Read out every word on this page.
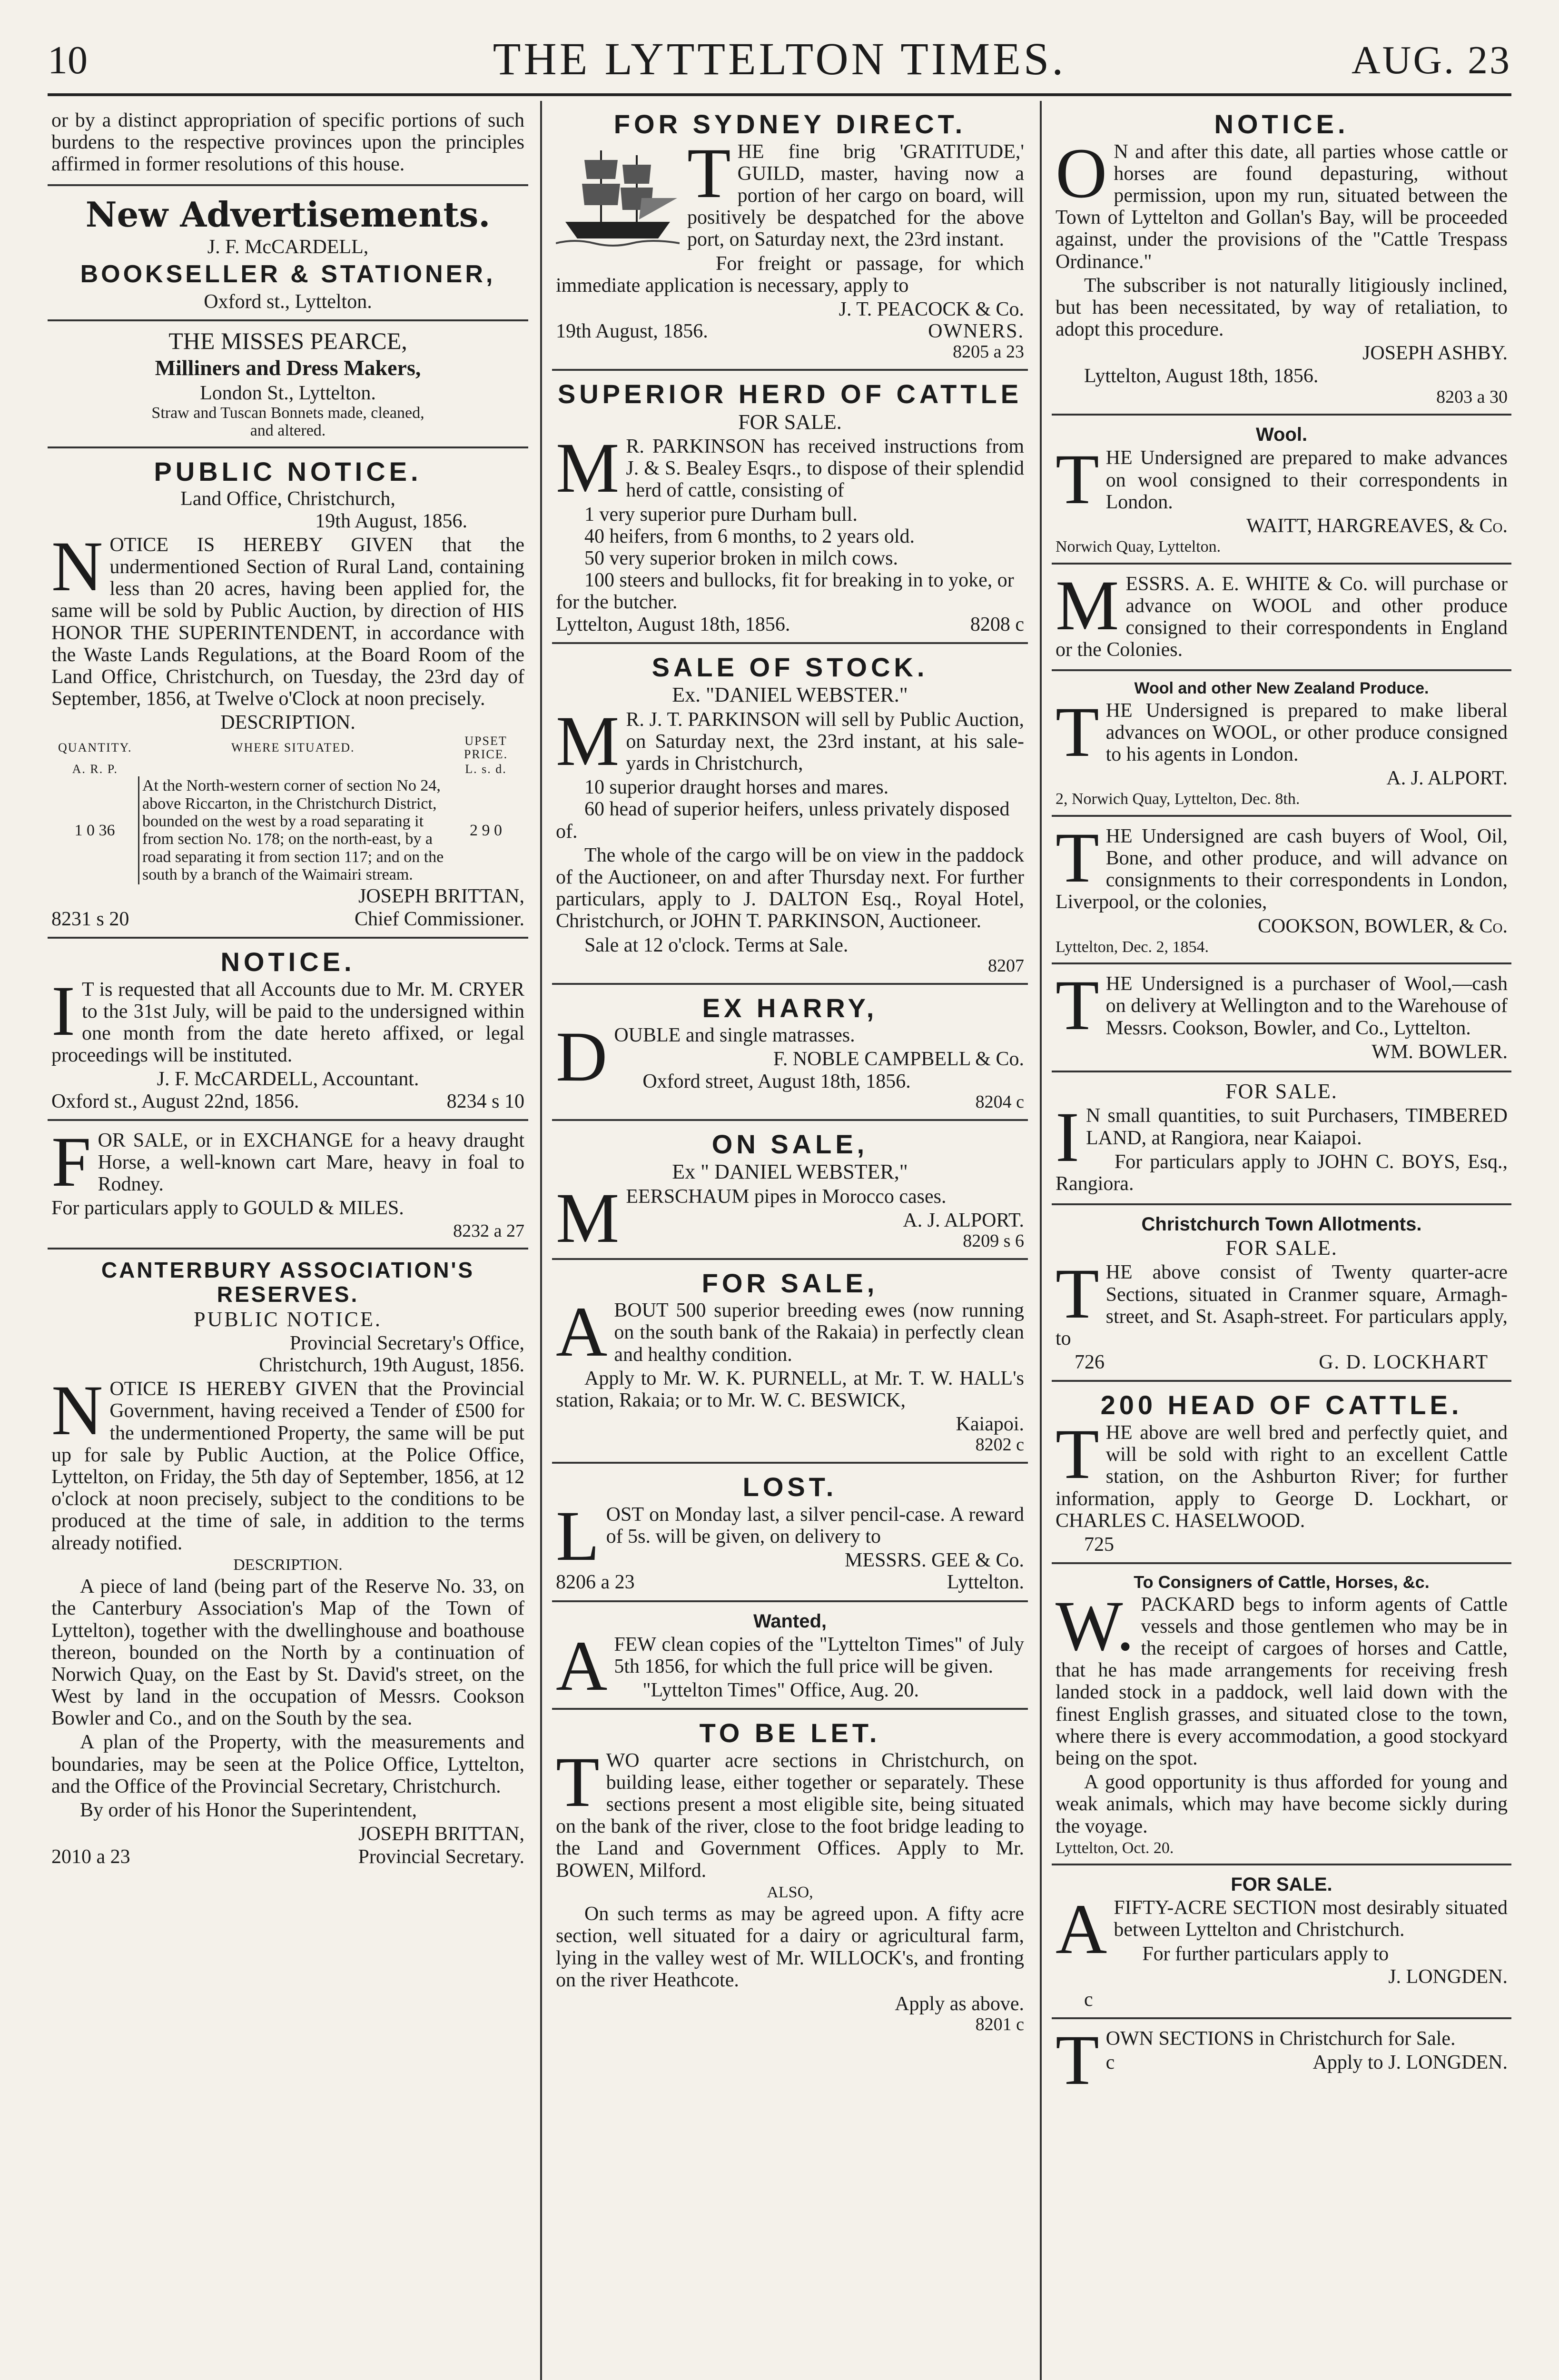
10	THE LYTTELTON TIMES.	AUG. 23

or by a distinct appropriation of specific portions of such burdens to the respective provinces upon the principles affirmed in former resolutions of this house.

New Advertisements.
J. F. McCARDELL,
BOOKSELLER & STATIONER,
Oxford st., Lyttelton.
THE MISSES PEARCE,
Milliners and Dress Makers,
London St., Lyttelton.
Straw and Tuscan Bonnets made, cleaned,
and altered.
PUBLIC NOTICE.
Land Office, Christchurch,
19th August, 1856.

NOTICE IS HEREBY GIVEN that the undermentioned Section of Rural Land, containing less than 20 acres, having been applied for, the same will be sold by Public Auction, by direction of HIS HONOR THE SUPERINTENDENT, in accordance with the Waste Lands Regulations, at the Board Room of the Land Office, Christchurch, on Tuesday, the 23rd day of September, 1856, at Twelve o'Clock at noon precisely.

DESCRIPTION.
QUANTITY.	WHERE SITUATED.	UPSET PRICE.
A. R. P.		L. s. d.
1 0 36	At the North-western corner of section No 24, above Riccarton, in the Christchurch District, bounded on the west by a road separating it from section No. 178; on the north-east, by a road separating it from section 117; and on the south by a branch of the Waimairi stream.	2 9 0
JOSEPH BRITTAN,
8231 s 20	Chief Commissioner.
NOTICE.

IT is requested that all Accounts due to Mr. M. CRYER to the 31st July, will be paid to the undersigned within one month from the date hereto affixed, or legal proceedings will be instituted.

J. F. McCARDELL, Accountant.
Oxford st., August 22nd, 1856.	8234 s 10

FOR SALE, or in EXCHANGE for a heavy draught Horse, a well-known cart Mare, heavy in foal to Rodney.

For particulars apply to GOULD & MILES.

8232 a 27
CANTERBURY ASSOCIATION'S RESERVES.
PUBLIC NOTICE.
Provincial Secretary's Office,
Christchurch, 19th August, 1856.

NOTICE IS HEREBY GIVEN that the Provincial Government, having received a Tender of £500 for the undermentioned Property, the same will be put up for sale by Public Auction, at the Police Office, Lyttelton, on Friday, the 5th day of September, 1856, at 12 o'clock at noon precisely, subject to the conditions to be produced at the time of sale, in addition to the terms already notified.

DESCRIPTION.

A piece of land (being part of the Reserve No. 33, on the Canterbury Association's Map of the Town of Lyttelton), together with the dwellinghouse and boathouse thereon, bounded on the North by a continuation of Norwich Quay, on the East by St. David's street, on the West by land in the occupation of Messrs. Cookson Bowler and Co., and on the South by the sea.

A plan of the Property, with the measurements and boundaries, may be seen at the Police Office, Lyttelton, and the Office of the Provincial Secretary, Christchurch.

By order of his Honor the Superintendent,

JOSEPH BRITTAN,
2010 a 23	Provincial Secretary.
FOR SYDNEY DIRECT.

THE fine brig 'GRATITUDE,' GUILD, master, having now a portion of her cargo on board, will positively be despatched for the above port, on Saturday next, the 23rd instant.

For freight or passage, for which immediate application is necessary, apply to

J. T. PEACOCK & Co.
19th August, 1856.	OWNERS.
8205 a 23
SUPERIOR HERD OF CATTLE
FOR SALE.

MR. PARKINSON has received instructions from J. & S. Bealey Esqrs., to dispose of their splendid herd of cattle, consisting of

1 very superior pure Durham bull.
40 heifers, from 6 months, to 2 years old.
50 very superior broken in milch cows.
100 steers and bullocks, fit for breaking in to yoke, or for the butcher.
Lyttelton, August 18th, 1856.	8208 c
SALE OF STOCK.
Ex. "DANIEL WEBSTER."

MR. J. T. PARKINSON will sell by Public Auction, on Saturday next, the 23rd instant, at his sale-yards in Christchurch,

10 superior draught horses and mares.
60 head of superior heifers, unless privately disposed of.

The whole of the cargo will be on view in the paddock of the Auctioneer, on and after Thursday next. For further particulars, apply to J. DALTON Esq., Royal Hotel, Christchurch, or JOHN T. PARKINSON, Auctioneer.

Sale at 12 o'clock. Terms at Sale.
8207
EX HARRY,

DOUBLE and single matrasses.

F. NOBLE CAMPBELL & Co.
Oxford street, August 18th, 1856.
8204 c
ON SALE,
Ex " DANIEL WEBSTER,"

MEERSCHAUM pipes in Morocco cases.

A. J. ALPORT.
8209 s 6
FOR SALE,

ABOUT 500 superior breeding ewes (now running on the south bank of the Rakaia) in perfectly clean and healthy condition.

Apply to Mr. W. K. PURNELL, at Mr. T. W. HALL's station, Rakaia; or to Mr. W. C. BESWICK,

Kaiapoi.
8202 c
LOST.

LOST on Monday last, a silver pencil-case. A reward of 5s. will be given, on delivery to

MESSRS. GEE & Co.
8206 a 23	Lyttelton.
Wanted,

AFEW clean copies of the "Lyttelton Times" of July 5th 1856, for which the full price will be given.

"Lyttelton Times" Office, Aug. 20.
TO BE LET.

TWO quarter acre sections in Christchurch, on building lease, either together or separately. These sections present a most eligible site, being situated on the bank of the river, close to the foot bridge leading to the Land and Government Offices. Apply to Mr. BOWEN, Milford.

ALSO,

On such terms as may be agreed upon. A fifty acre section, well situated for a dairy or agricultural farm, lying in the valley west of Mr. WILLOCK's, and fronting on the river Heathcote.

Apply as above.
8201 c
NOTICE.

ON and after this date, all parties whose cattle or horses are found depasturing, without permission, upon my run, situated between the Town of Lyttelton and Gollan's Bay, will be proceeded against, under the provisions of the "Cattle Trespass Ordinance."

The subscriber is not naturally litigiously inclined, but has been necessitated, by way of retaliation, to adopt this procedure.

JOSEPH ASHBY.
Lyttelton, August 18th, 1856.
8203 a 30
Wool.

THE Undersigned are prepared to make advances on wool consigned to their correspondents in London.

WAITT, HARGREAVES, & Co.
Norwich Quay, Lyttelton.

MESSRS. A. E. WHITE & Co. will purchase or advance on WOOL and other produce consigned to their correspondents in England or the Colonies.

Wool and other New Zealand Produce.

THE Undersigned is prepared to make liberal advances on WOOL, or other produce consigned to his agents in London.

A. J. ALPORT.
2, Norwich Quay, Lyttelton, Dec. 8th.

THE Undersigned are cash buyers of Wool, Oil, Bone, and other produce, and will advance on consignments to their correspondents in London, Liverpool, or the colonies,

COOKSON, BOWLER, & Co.
Lyttelton, Dec. 2, 1854.

THE Undersigned is a purchaser of Wool,—cash on delivery at Wellington and to the Warehouse of Messrs. Cookson, Bowler, and Co., Lyttelton.

WM. BOWLER.
FOR SALE.

IN small quantities, to suit Purchasers, TIMBERED LAND, at Rangiora, near Kaiapoi.

For particulars apply to JOHN C. BOYS, Esq., Rangiora.

Christchurch Town Allotments.
FOR SALE.

THE above consist of Twenty quarter-acre Sections, situated in Cranmer square, Armagh-street, and St. Asaph-street. For particulars apply, to

726	G. D. LOCKHART
200 HEAD OF CATTLE.

THE above are well bred and perfectly quiet, and will be sold with right to an excellent Cattle station, on the Ashburton River; for further information, apply to George D. Lockhart, or CHARLES C. HASELWOOD.

725
To Consigners of Cattle, Horses, &c.

W.PACKARD begs to inform agents of Cattle vessels and those gentlemen who may be in the receipt of cargoes of horses and Cattle, that he has made arrangements for receiving fresh landed stock in a paddock, well laid down with the finest English grasses, and situated close to the town, where there is every accommodation, a good stockyard being on the spot.

A good opportunity is thus afforded for young and weak animals, which may have become sickly during the voyage.

Lyttelton, Oct. 20.
FOR SALE.

AFIFTY-ACRE SECTION most desirably situated between Lyttelton and Christchurch.

For further particulars apply to
J. LONGDEN.
c

TOWN SECTIONS in Christchurch for Sale.

c	Apply to J. LONGDEN.
